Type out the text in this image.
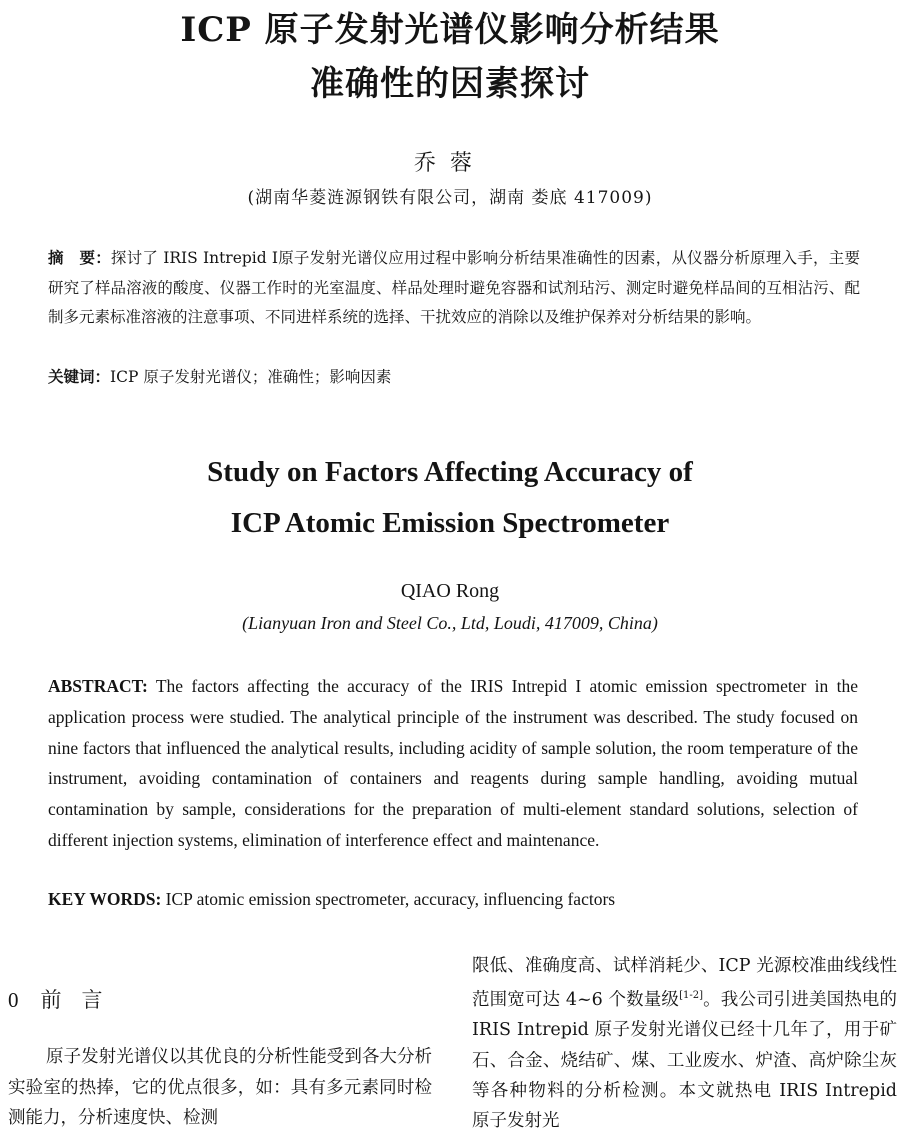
ICP 原子发射光谱仪影响分析结果
准确性的因素探讨
乔蓉
(湖南华菱涟源钢铁有限公司，湖南 娄底 417009)
摘　要：探讨了 IRIS Intrepid Ⅰ原子发射光谱仪应用过程中影响分析结果准确性的因素，从仪器分析原理入手，主要研究了样品溶液的酸度、仪器工作时的光室温度、样品处理时避免容器和试剂玷污、测定时避免样品间的互相沾污、配制多元素标准溶液的注意事项、不同进样系统的选择、干扰效应的消除以及维护保养对分析结果的影响。
关键词：ICP 原子发射光谱仪；准确性；影响因素
Study on Factors Affecting Accuracy of
ICP Atomic Emission Spectrometer
QIAO Rong
(Lianyuan Iron and Steel Co., Ltd, Loudi, 417009, China)
ABSTRACT: The factors affecting the accuracy of the IRIS Intrepid I atomic emission spectrometer in the application process were studied. The analytical principle of the instrument was described. The study focused on nine factors that influenced the analytical results, including acidity of sample solution, the room temperature of the instrument, avoiding contamination of containers and reagents during sample handling, avoiding mutual contamination by sample, considerations for the preparation of multi-element standard solutions, selection of different injection systems, elimination of interference effect and maintenance.
KEY WORDS: ICP atomic emission spectrometer, accuracy, influencing factors
0 前言
原子发射光谱仪以其优良的分析性能受到各大分析实验室的热捧，它的优点很多，如：具有多元素同时检测能力，分析速度快、检测
限低、准确度高、试样消耗少、ICP 光源校准曲线线性范围宽可达 4~6 个数量级[1-2]。我公司引进美国热电的 IRIS Intrepid 原子发射光谱仪已经十几年了，用于矿石、合金、烧结矿、煤、工业废水、炉渣、高炉除尘灰等各种物料的分析检测。本文就热电 IRIS Intrepid 原子发射光
